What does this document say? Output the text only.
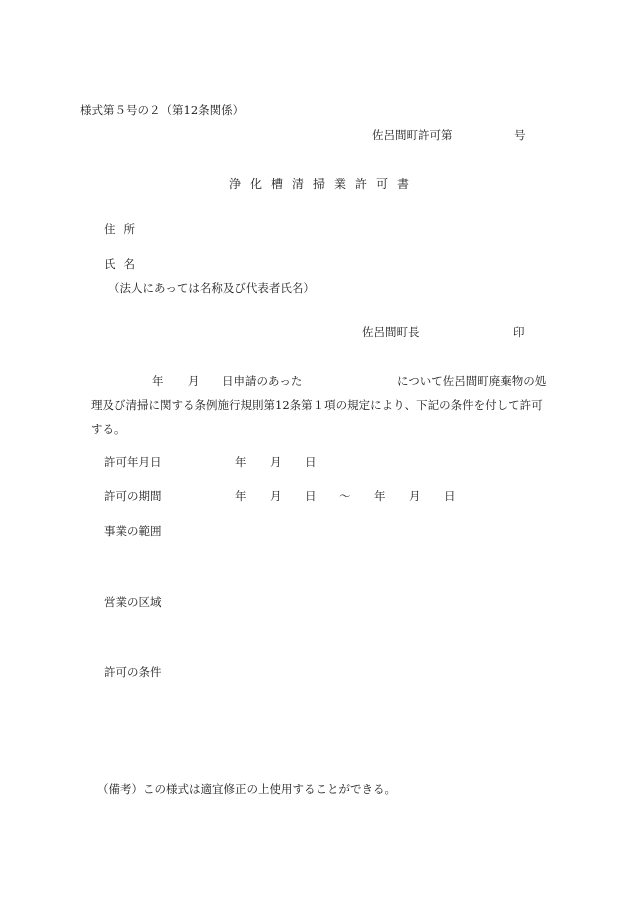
様式第５号の２（第12条関係）
佐呂間町許可第	号
浄化槽清掃業許可書
住所
氏名
（法人にあっては名称及び代表者氏名）
佐呂間町長	印
年 月 日申請のあった	について佐呂間町廃棄物の処
理及び清掃に関する条例施行規則第12条第１項の規定により、下記の条件を付して許可
する。
許可年月日	年 月 日
許可の期間	年 月 日 〜 年 月 日
事業の範囲
営業の区域
許可の条件
（備考）この様式は適宜修正の上使用することができる。
